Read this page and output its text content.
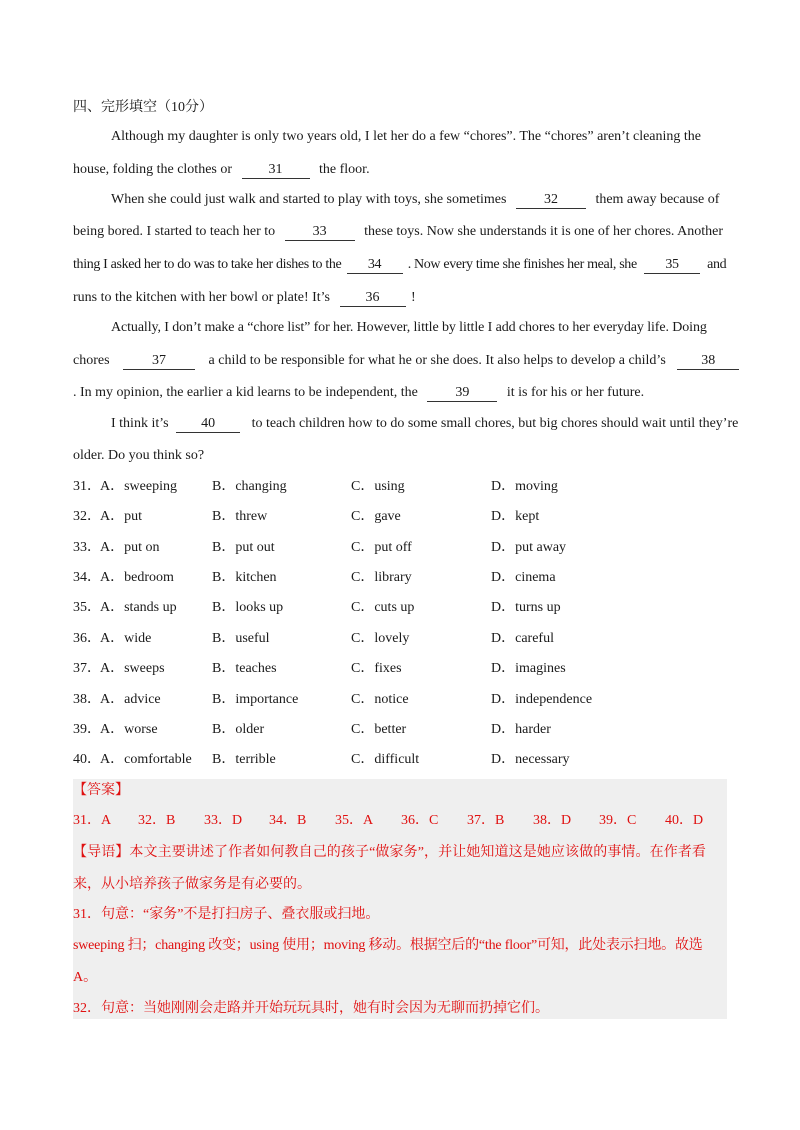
四、完形填空（10分）
Although my daughter is only two years old, I let her do a few “chores”. The “chores” aren’t cleaning the
house, folding the clothes or	31	the floor.
When she could just walk and started to play with toys, she sometimes	32	them away because of
being bored. I started to teach her to	33	these toys. Now she understands it is one of her chores. Another
thing I asked her to do was to take her dishes to the 34 . Now every time she finishes her meal, she 35 and
runs to the kitchen with her bowl or plate! It’s	36 !
Actually, I don’t make a “chore list” for her. However, little by little I add chores to her everyday life. Doing
chores	37	a child to be responsible for what he or she does. It also helps to develop a child’s	38
. In my opinion, the earlier a kid learns to be independent, the	39	it is for his or her future.
I think it’s 40	to teach children how to do some small chores, but big chores should wait until they’re
older. Do you think so?
31． A．sweeping	B．changing	C．using	D．moving
32． A．put	B．threw	C．gave	D．kept
33． A．put on	B．put out	C．put off	D．put away
34． A．bedroom	B．kitchen	C．library	D．cinema
35． A．stands up	B．looks up	C．cuts up	D．turns up
36． A．wide	B．useful	C．lovely	D．careful
37． A．sweeps	B．teaches	C．fixes	D．imagines
38． A．advice	B．importance	C．notice	D．independence
39． A．worse	B．older	C．better	D．harder
40． A．comfortable B．terrible	C．difficult	D．necessary
【答案】
31．A 32．B 33．D 34．B 35．A 36．C 37．B 38．D 39．C 40．D
【导语】本文主要讲述了作者如何教自己的孩子“做家务”，并让她知道这是她应该做的事情。在作者看
来，从小培养孩子做家务是有必要的。
31．句意：“家务”不是打扫房子、叠衣服或扫地。
sweeping 扫；changing 改变；using 使用；moving 移动。根据空后的“the floor”可知，此处表示扫地。故选
A。
32．句意：当她刚刚会走路并开始玩玩具时，她有时会因为无聊而扔掉它们。
